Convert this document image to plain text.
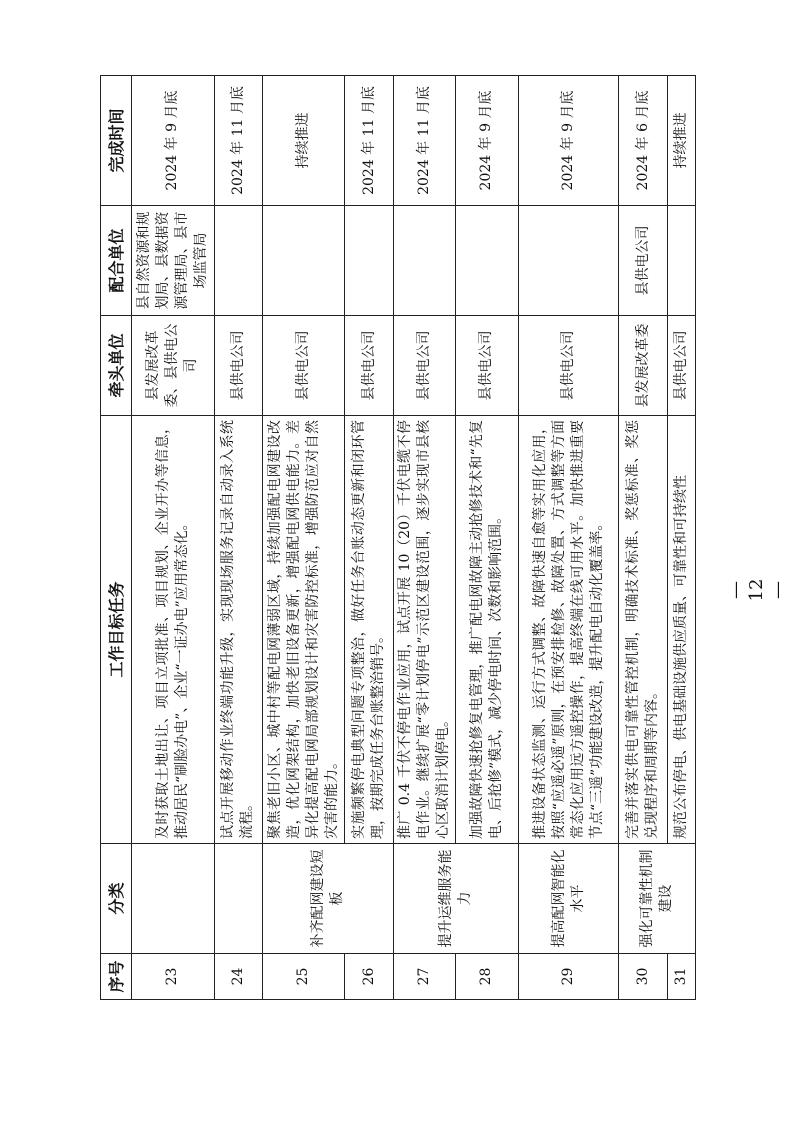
序号	分类	工作目标任务	牵头单位	配合单位	完成时间
23		及时获取土地出让、项目立项批准、项目规划、企业开办等信息，推动居民“刷脸办电”、企业“一证办电”应用常态化。	县发展改革委、县供电公司	县自然资源和规划局、县数据资源管理局、县市场监管局	2024 年 9 月底
24		试点开展移动作业终端功能升级，实现现场服务记录自动录入系统流程。	县供电公司		2024 年 11 月底
25	补齐配网建设短板	聚焦老旧小区、城中村等配电网薄弱区域，持续加强配电网建设改造，优化网架结构，加快老旧设备更新，增强配电网供电能力。差异化提高配电网局部规划设计和灾害防控标准，增强防范应对自然灾害的能力。	县供电公司		持续推进
26		实施频繁停电典型问题专项整治，做好任务台账动态更新和闭环管理，按期完成任务台账整治销号。	县供电公司		2024 年 11 月底
27	提升运维服务能力	推广 0.4 千伏不停电作业应用，试点开展 10（20）千伏电缆不停电作业。继续扩展“零计划停电”示范区建设范围，逐步实现市县核心区取消计划停电。	县供电公司		2024 年 11 月底
28		加强故障快速抢修复电管理，推广配电网故障主动抢修技术和“先复电、后抢修”模式，减少停电时间、次数和影响范围。	县供电公司		2024 年 9 月底
29	提高配网智能化水平	推进设备状态监测、运行方式调整、故障快速自愈等实用化应用，按照“应遥必遥”原则，在预安排检修、故障处置、方式调整等方面常态化应用远方遥控操作，提高终端在线可用水平。加快推进重要节点“三遥”功能建设改造，提升配电自动化覆盖率。	县供电公司		2024 年 9 月底
30	强化可靠性机制建设	完善并落实供电可靠性管控机制，明确技术标准、奖惩标准、奖惩兑现程序和周期等内容。	县发展改革委	县供电公司	2024 年 6 月底
31		规范公布停电、供电基础设施供应质量、可靠性和可持续性	县供电公司		持续推进
— 12 —
